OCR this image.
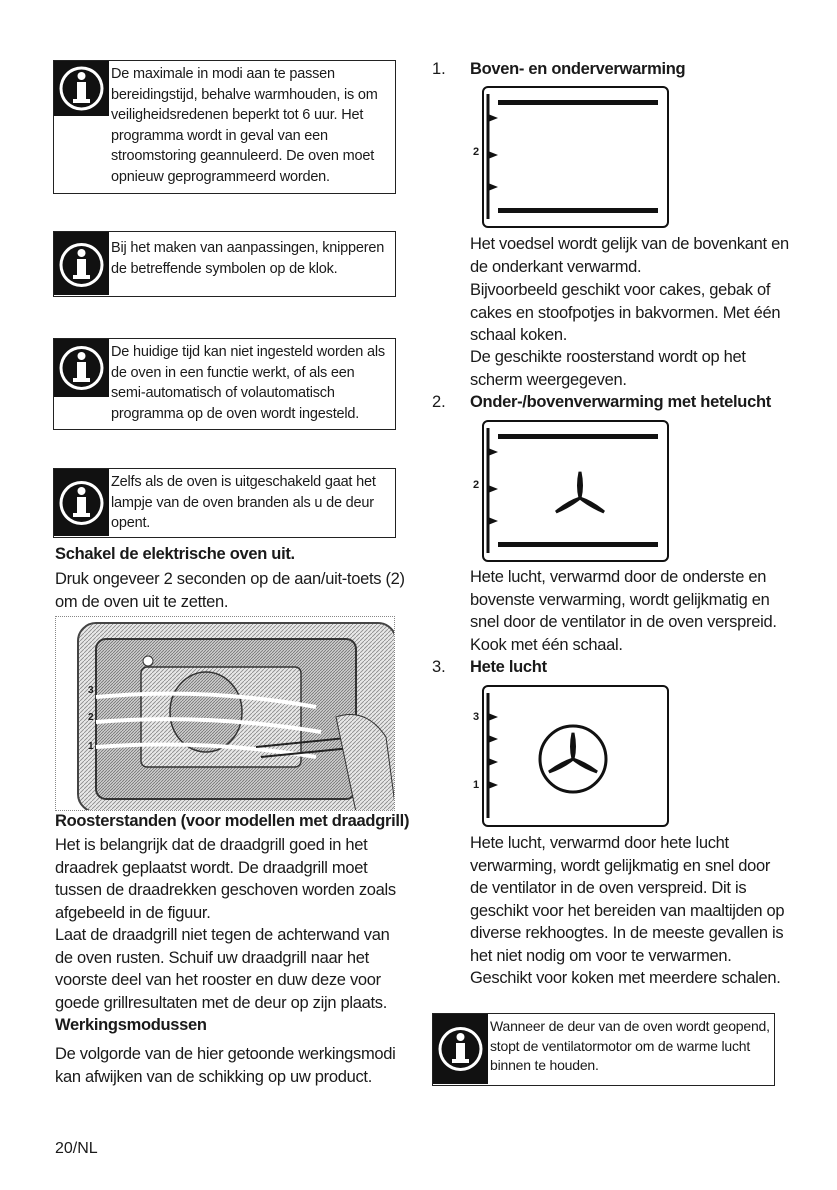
De maximale in modi aan te passen bereidingstijd, behalve warmhouden, is om veiligheidsredenen beperkt tot 6 uur. Het programma wordt in geval van een stroomstoring geannuleerd. De oven moet opnieuw geprogrammeerd worden.
Bij het maken van aanpassingen, knipperen de betreffende symbolen op de klok.
De huidige tijd kan niet ingesteld worden als de oven in een functie werkt, of als een semi-automatisch of volautomatisch programma op de oven wordt ingesteld.
Zelfs als de oven is uitgeschakeld gaat het lampje van de oven branden als u de deur opent.
Schakel de elektrische oven uit.
Druk ongeveer 2 seconden op de aan/uit-toets (2) om de oven uit te zetten.
3
2
1
Roosterstanden (voor modellen met draadgrill)
Het is belangrijk dat de draadgrill goed in het draadrek geplaatst wordt. De draadgrill moet tussen de draadrekken geschoven worden zoals afgebeeld in de figuur.
Laat de draadgrill niet tegen de achterwand van de oven rusten. Schuif uw draadgrill naar het voorste deel van het rooster en duw deze voor goede grillresultaten met de deur op zijn plaats.
Werkingsmodussen
De volgorde van de hier getoonde werkingsmodi kan afwijken van de schikking op uw product.
1. Boven- en onderverwarming
2
Het voedsel wordt gelijk van de bovenkant en de onderkant verwarmd.
Bijvoorbeeld geschikt voor cakes, gebak of cakes en stoofpotjes in bakvormen. Met één schaal koken.
De geschikte roosterstand wordt op het scherm weergegeven.
2. Onder-/bovenverwarming met hetelucht
2
Hete lucht, verwarmd door de onderste en bovenste verwarming, wordt gelijkmatig en snel door de ventilator in de oven verspreid. Kook met één schaal.
3. Hete lucht
3
1
Hete lucht, verwarmd door hete lucht verwarming, wordt gelijkmatig en snel door de ventilator in de oven verspreid. Dit is geschikt voor het bereiden van maaltijden op diverse rekhoogtes. In de meeste gevallen is het niet nodig om voor te verwarmen. Geschikt voor koken met meerdere schalen.
Wanneer de deur van de oven wordt geopend, stopt de ventilatormotor om de warme lucht binnen te houden.
20/NL
